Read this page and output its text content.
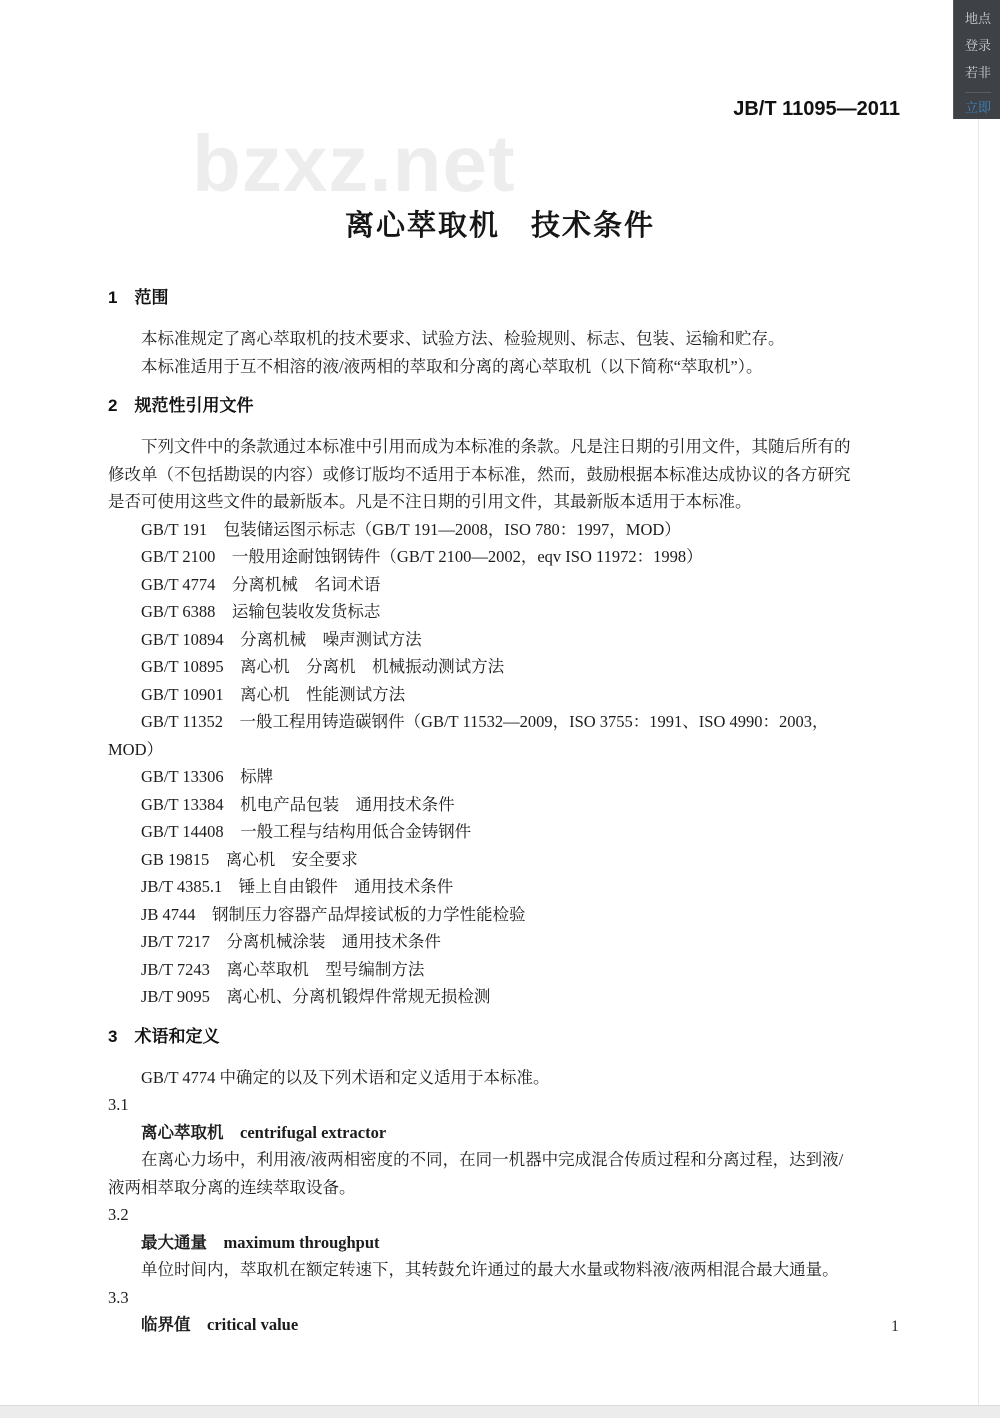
bzxz.net
JB/T 11095—2011
离心萃取机　技术条件
1　范围
本标准规定了离心萃取机的技术要求、试验方法、检验规则、标志、包装、运输和贮存。
本标准适用于互不相溶的液/液两相的萃取和分离的离心萃取机（以下简称“萃取机”）。
2　规范性引用文件
下列文件中的条款通过本标准中引用而成为本标准的条款。凡是注日期的引用文件，其随后所有的
修改单（不包括勘误的内容）或修订版均不适用于本标准，然而，鼓励根据本标准达成协议的各方研究
是否可使用这些文件的最新版本。凡是不注日期的引用文件，其最新版本适用于本标准。
GB/T 191　包装储运图示标志（GB/T 191—2008，ISO 780：1997，MOD）
GB/T 2100　一般用途耐蚀钢铸件（GB/T 2100—2002，eqv ISO 11972：1998）
GB/T 4774　分离机械　名词术语
GB/T 6388　运输包装收发货标志
GB/T 10894　分离机械　噪声测试方法
GB/T 10895　离心机　分离机　机械振动测试方法
GB/T 10901　离心机　性能测试方法
GB/T 11352　一般工程用铸造碳钢件（GB/T 11532—2009，ISO 3755：1991、ISO 4990：2003，
MOD）
GB/T 13306　标牌
GB/T 13384　机电产品包装　通用技术条件
GB/T 14408　一般工程与结构用低合金铸钢件
GB 19815　离心机　安全要求
JB/T 4385.1　锤上自由锻件　通用技术条件
JB 4744　钢制压力容器产品焊接试板的力学性能检验
JB/T 7217　分离机械涂装　通用技术条件
JB/T 7243　离心萃取机　型号编制方法
JB/T 9095　离心机、分离机锻焊件常规无损检测
3　术语和定义
GB/T 4774 中确定的以及下列术语和定义适用于本标准。
3.1
离心萃取机　centrifugal extractor
在离心力场中，利用液/液两相密度的不同，在同一机器中完成混合传质过程和分离过程，达到液/
液两相萃取分离的连续萃取设备。
3.2
最大通量　maximum throughput
单位时间内，萃取机在额定转速下，其转鼓允许通过的最大水量或物料液/液两相混合最大通量。
3.3
临界值　critical value	1
地点
登录
若非
立即
